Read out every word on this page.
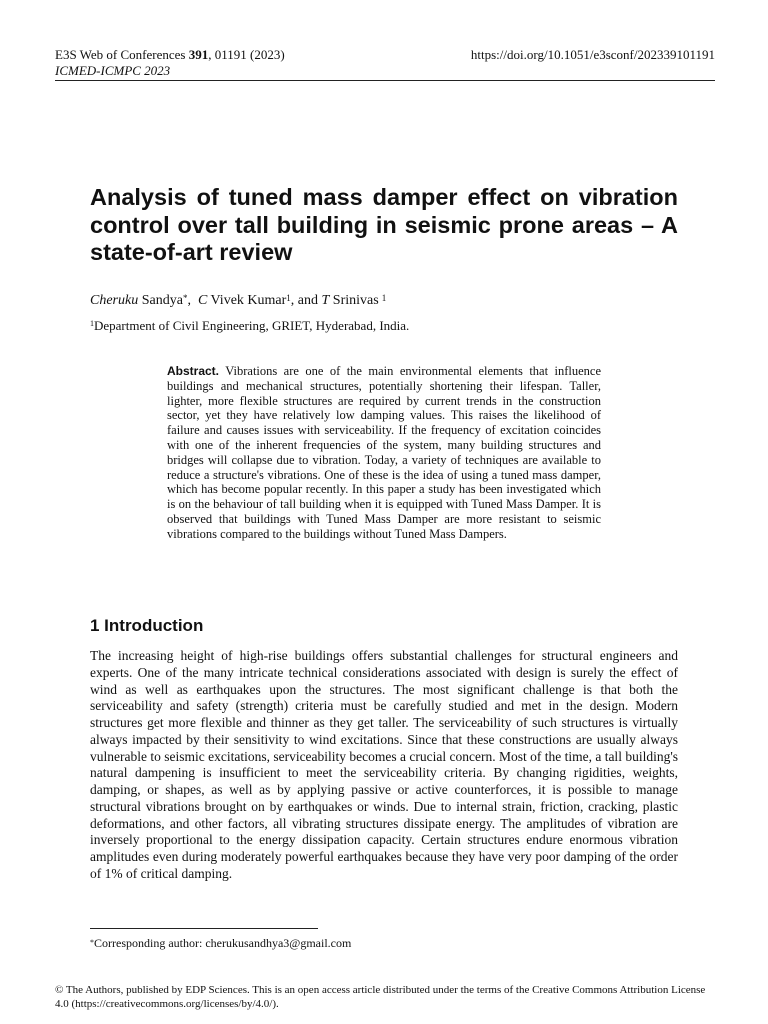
E3S Web of Conferences 391, 01191 (2023)	https://doi.org/10.1051/e3sconf/202339101191
ICMED-ICMPC 2023
Analysis of tuned mass damper effect on vibration control over tall building in seismic prone areas – A state-of-art review
Cheruku Sandya*,  C Vivek Kumar$^1$, and T Srinivas $^1$
$^1$Department of Civil Engineering, GRIET, Hyderabad, India.

Abstract. Vibrations are one of the main environmental elements that influence buildings and mechanical structures, potentially shortening their lifespan. Taller, lighter, more flexible structures are required by current trends in the construction sector, yet they have relatively low damping values. This raises the likelihood of failure and causes issues with serviceability. If the frequency of excitation coincides with one of the inherent frequencies of the system, many building structures and bridges will collapse due to vibration. Today, a variety of techniques are available to reduce a structure's vibrations. One of these is the idea of using a tuned mass damper, which has become popular recently. In this paper a study has been investigated which is on the behaviour of tall building when it is equipped with Tuned Mass Damper. It is observed that buildings with Tuned Mass Damper are more resistant to seismic vibrations compared to the buildings without Tuned Mass Dampers.

1 Introduction

The increasing height of high-rise buildings offers substantial challenges for structural engineers and experts. One of the many intricate technical considerations associated with design is surely the effect of wind as well as earthquakes upon the structures. The most significant challenge is that both the serviceability and safety (strength) criteria must be carefully studied and met in the design. Modern structures get more flexible and thinner as they get taller. The serviceability of such structures is virtually always impacted by their sensitivity to wind excitations. Since that these constructions are usually always vulnerable to seismic excitations, serviceability becomes a crucial concern. Most of the time, a tall building's natural dampening is insufficient to meet the serviceability criteria. By changing rigidities, weights, damping, or shapes, as well as by applying passive or active counterforces, it is possible to manage structural vibrations brought on by earthquakes or winds. Due to internal strain, friction, cracking, plastic deformations, and other factors, all vibrating structures dissipate energy. The amplitudes of vibration are inversely proportional to the energy dissipation capacity. Certain structures endure enormous vibration amplitudes even during moderately powerful earthquakes because they have very poor damping of the order of 1% of critical damping.

*Corresponding author: cherukusandhya3@gmail.com
© The Authors, published by EDP Sciences. This is an open access article distributed under the terms of the Creative Commons Attribution License 4.0 (https://creativecommons.org/licenses/by/4.0/).
